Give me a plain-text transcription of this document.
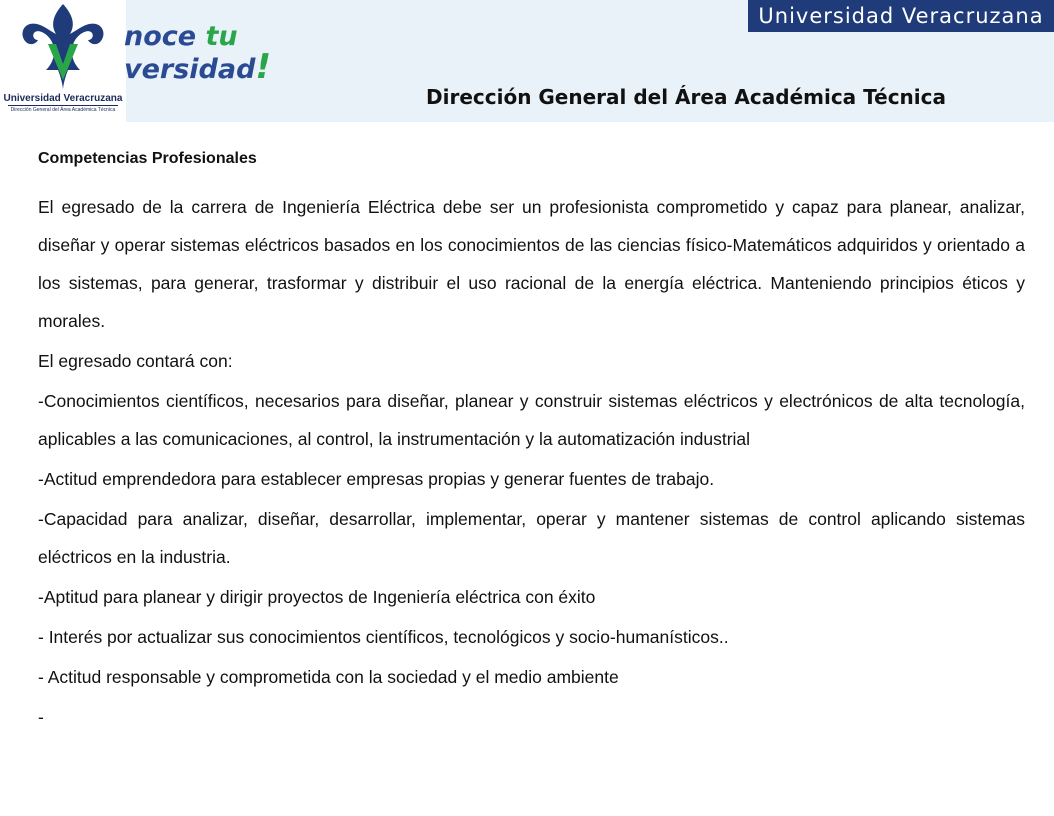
Universidad Veracruzana
Dirección General del Área Académica Técnica
noce tu
versidad!
Universidad Veracruzana
Dirección General del Área Académica Técnica
Competencias Profesionales

El egresado de la carrera de Ingeniería Eléctrica debe ser un profesionista comprometido y capaz para planear, analizar, diseñar y operar sistemas eléctricos basados en los conocimientos de las ciencias físico-Matemáticos adquiridos y orientado a los sistemas, para generar, trasformar y distribuir el uso racional de la energía eléctrica. Manteniendo principios éticos y morales.

El egresado contará con:

-Conocimientos científicos, necesarios para diseñar, planear y construir sistemas eléctricos y electrónicos de alta tecnología, aplicables a las comunicaciones, al control, la instrumentación y la automatización industrial

-Actitud emprendedora para establecer empresas propias y generar fuentes de trabajo.

-Capacidad para analizar, diseñar, desarrollar, implementar, operar y mantener sistemas de control aplicando sistemas eléctricos en la industria.

-Aptitud para planear y dirigir proyectos de Ingeniería eléctrica con éxito

- Interés por actualizar sus conocimientos científicos, tecnológicos y socio-humanísticos..

- Actitud responsable y comprometida con la sociedad y el medio ambiente

-
